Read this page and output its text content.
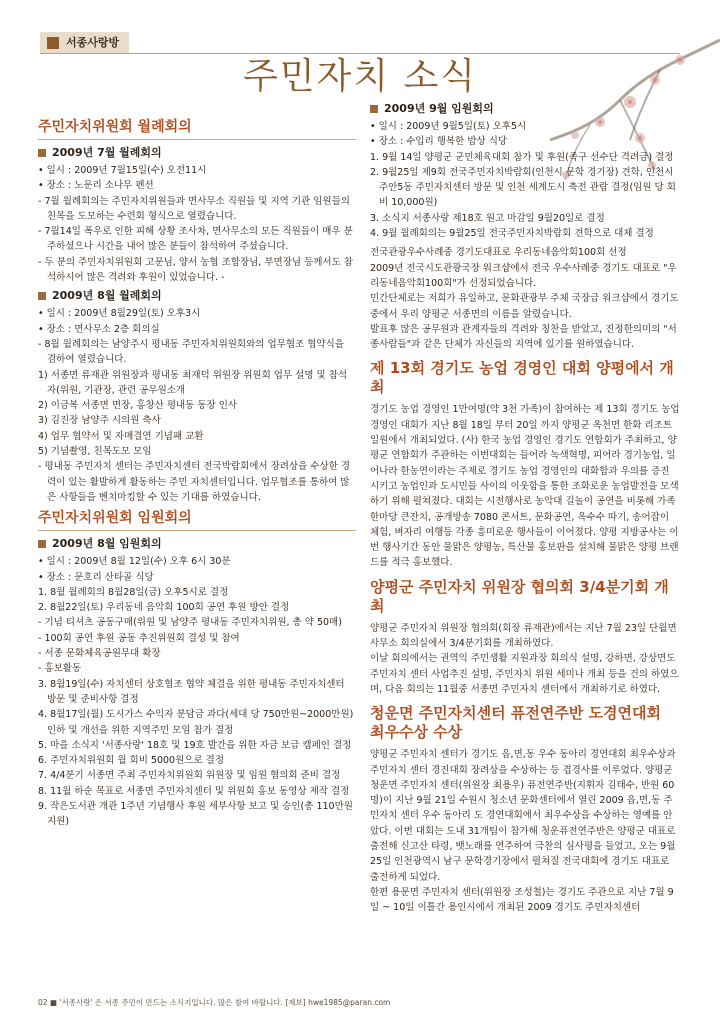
서종사랑방
주민자치 소식
주민자치위원회 월례회의
2009년 7월 월례회의

• 일시 : 2009년 7월15일(수) 오전11시

• 장소 : 노문리 소나무 펜션

- 7월 월례회의는 주민자치위원들과 면사무소 직원들 및 지역 기관 임원들의 친목을 도모하는 수련회 형식으로 열렸습니다.

- 7월14일 폭우로 인한 피해 상황 조사차, 면사무소의 모든 직원들이 매우 분주하셨으나 시간을 내어 많은 분들이 참석하여 주셨습니다.

- 두 분의 주민자치위원회 고문님, 양서 농협 조합장님, 부면장님 등께서도 참석하시어 많은 격려와 후원이 있었습니다. -

2009년 8월 월례회의

• 일시 : 2009년 8월29일(토) 오후3시

• 장소 : 면사무소 2층 회의실

- 8월 월례회의는 남양주시 평내동 주민자치위원회와의 업무협조 협약식을 겸하여 열렸습니다.

1) 서종면 류재관 위원장과 평내동 최재덕 위원장 위원회 업무 설명 및 참석자(위원, 기관장, 관련 공무원소개

2) 이금복 서종면 면장, 홍창산 평내동 동장 인사

3) 김진장 남양주 시의원 축사

4) 업무 협약서 및 자매결연 기념패 교환

5) 기념촬영, 친목도모 모임

- 평내동 주민자치 센터는 주민자치센터 전국박람회에서 장려상을 수상한 경력이 있는 활발하게 활동하는 주민 자치센터입니다. 업무협조를 통하여 많은 사항들을 벤치마킹할 수 있는 기대를 하였습니다.

주민자치위원회 임원회의
2009년 8월 임원회의

• 일시 : 2009년 8월 12일(수) 오후 6시 30분

• 장소 : 문호리 산타골 식당

1. 8월 월례회의 8월28일(금) 오후5시로 결정

2. 8월22일(토) 우리동네 음악회 100회 공연 후원 방안 결정

- 기념 티셔츠 공동구매(위원 및 남양주 평내동 주민자치위원, 총 약 50매)

- 100회 공연 후원 공동 추진위원회 결성 및 참여

- 서종 문화체육공원무대 확장

- 홍보활동

3. 8월19일(수) 자치센터 상호협조 협약 체결을 위한 평내동 주민자치센터 방문 및 준비사항 결정

4. 8월17일(월) 도시가스 수익자 분담금 과다(세대 당 750만원~2000만원) 인하 및 개선을 위한 지역주민 모임 참가 결정

5. 마을 소식지 '서종사랑' 18호 및 19호 발간을 위한 자금 보급 캠페인 결정

6. 주민자치위원회 월 회비 5000원으로 결정

7. 4/4분기 서종면 주최 주민자치위원회 위원장 및 임원 협의회 준비 결정

8. 11월 하순 목표로 서종면 주민자치센터 및 위원회 홍보 동영상 제작 결정

9. 작은도서관 개관 1주년 기념행사 후원 세부사항 보고 및 승인(총 110만원 지원)

2009년 9월 임원회의

• 일시 : 2009년 9월5일(토) 오후5시

• 장소 : 수입리 행복한 밥상 식당

1. 9월 14일 양평군 군민체육대회 참가 및 후원(족구 선수단 격려금) 결정

2. 9월25일 제9회 전국주민자치박람회(인천시 문학 경기장) 견학, 인천시 주안5동 주민자치센터 방문 및 인천 세계도시 축전 관람 결정(임원 당 회비 10,000원)

3. 소식지 서종사랑 제18호 원고 마감일 9월20일로 결정

4. 9월 월례회의는 9월25일 전국주민자치박람회 견학으로 대체 결정

전국관광우수사례중 경기도대표로 우리동네음악회100회 선정

2009년 전국시도관광국장 워크샵에서 전국 우수사례중 경기도 대표로 "우리동네음악회100회"가 선정되었습니다.

민간단체로는 저희가 유일하고, 문화관광부 주체 국장급 워크샵에서 경기도중에서 우리 양평군 서종면의 이름을 알렸습니다.

발표후 많은 공무원과 관계자들의 격려와 칭찬을 받았고, 진정한의미의 "서종사람들"과 같은 단체가 자신들의 지역에 있기를 원하였습니다.

제 13회 경기도 농업 경영인 대회 양평에서 개최

경기도 농업 경영인 1만여명(약 3천 가족)이 참여하는 제 13회 경기도 농업 경영인 대회가 지난 8월 18일 부터 20일 까지 양평군 옥천면 한화 리조트 일원에서 개최되었다. (사) 한국 농업 경영인 경기도 연합회가 주최하고, 양평군 연합회가 주관하는 이번대회는 들어라 녹색혁명, 피어라 경기농업, 일어나라 한농연이라는 주제로 경기도 농업 경영인의 대화합과 우의를 증진 시키고 농업인과 도시민들 사이의 이웃함을 통한 조화로운 농업발전을 모색하기 위해 펼쳐졌다. 대회는 시전행사로 농악대 길놀이 공연을 비롯해 가족 한마당 큰잔치, 공개방송 7080 콘서트, 문화공연, 옥수수 따기, 송어잡이 체험, 벼자리 여행등 각종 흥미로운 행사들이 이어졌다. 양평 지방공사는 이번 행사기간 동안 물맑은 양평농, 특산물 홍보판을 설치해 물맑은 양평 브랜드를 적극 홍보했다.

양평군 주민자치 위원장 협의회 3/4분기회 개최

양평군 주민자치 위원장 협의회(회장 류재관)에서는 지난 7월 23일 단월면사무소 회의실에서 3/4분기회를 개최하였다.

이날 회의에서는 권역익 주민생활 지원과장 회의식 설명, 강하면, 강상면도 주민자치 센터 사업추진 설명, 주민자치 위원 세미나 개최 등을 건의 하였으며, 다음 회의는 11월중 서종면 주민자치 센터에서 개최하기로 하였다.

청운면 주민자치센터 퓨전연주반 도경연대회 최우수상 수상

양평군 주민자치 센터가 경기도 읍,면,동 우수 동아리 경연대회 최우수상과 주민자치 센터 경진대회 장려상을 수상하는 등 겹경사를 이루었다. 양평군 청운면 주민자치 센터(위원장 최용우) 퓨전연주반(지휘자 김태수, 반원 60명)이 지난 9월 21일 수원시 청소년 문화센터에서 열린 2009 읍,면,동 주민자치 센터 우수 동아리 도 경연대회에서 최우수상을 수상하는 영예를 안았다. 이번 대회는 도내 31개팀이 참가해 청운퓨전연주반은 양평군 대표로 출전해 신고산 타령, 뱃노래를 연주하여 극찬의 심사평을 들었고, 오는 9월 25일 인천광역시 남구 문학경기장에서 펼쳐질 전국대회에 경기도 대표로 출전하게 되었다.

한편 용문면 주민자치 센터(위원장 조성철)는 경기도 주관으로 지난 7월 9일 ~ 10일 이틀간 용인시에서 개최된 2009 경기도 주민자치센터

02 ■ '서종사랑' 은 서종 주민이 만드는 소식지입니다. 많은 참여 바랍니다. [제보] hwe1985@paran.com
